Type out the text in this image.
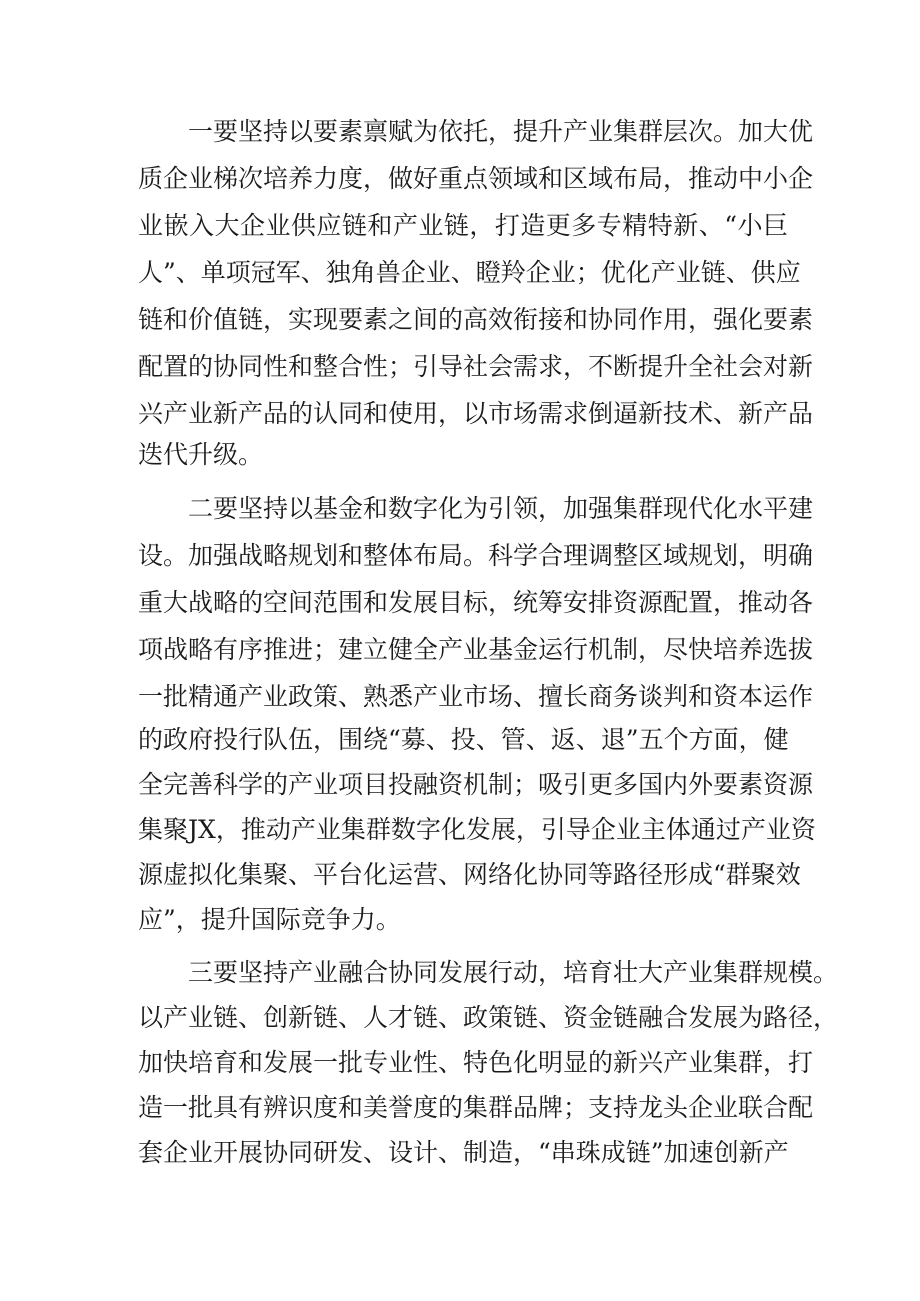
一要坚持以要素禀赋为依托，提升产业集群层次。加大优

质企业梯次培养力度，做好重点领域和区域布局，推动中小企

业嵌入大企业供应链和产业链，打造更多专精特新、“小巨

人”、单项冠军、独角兽企业、瞪羚企业；优化产业链、供应

链和价值链，实现要素之间的高效衔接和协同作用，强化要素

配置的协同性和整合性；引导社会需求，不断提升全社会对新

兴产业新产品的认同和使用，以市场需求倒逼新技术、新产品

迭代升级。

二要坚持以基金和数字化为引领，加强集群现代化水平建

设。加强战略规划和整体布局。科学合理调整区域规划，明确

重大战略的空间范围和发展目标，统筹安排资源配置，推动各

项战略有序推进；建立健全产业基金运行机制，尽快培养选拔

一批精通产业政策、熟悉产业市场、擅长商务谈判和资本运作

的政府投行队伍，围绕“募、投、管、返、退”五个方面，健

全完善科学的产业项目投融资机制；吸引更多国内外要素资源

集聚JX，推动产业集群数字化发展，引导企业主体通过产业资

源虚拟化集聚、平台化运营、网络化协同等路径形成“群聚效

应”，提升国际竞争力。

三要坚持产业融合协同发展行动，培育壮大产业集群规模。

以产业链、创新链、人才链、政策链、资金链融合发展为路径，

加快培育和发展一批专业性、特色化明显的新兴产业集群，打

造一批具有辨识度和美誉度的集群品牌；支持龙头企业联合配

套企业开展协同研发、设计、制造，“串珠成链”加速创新产
